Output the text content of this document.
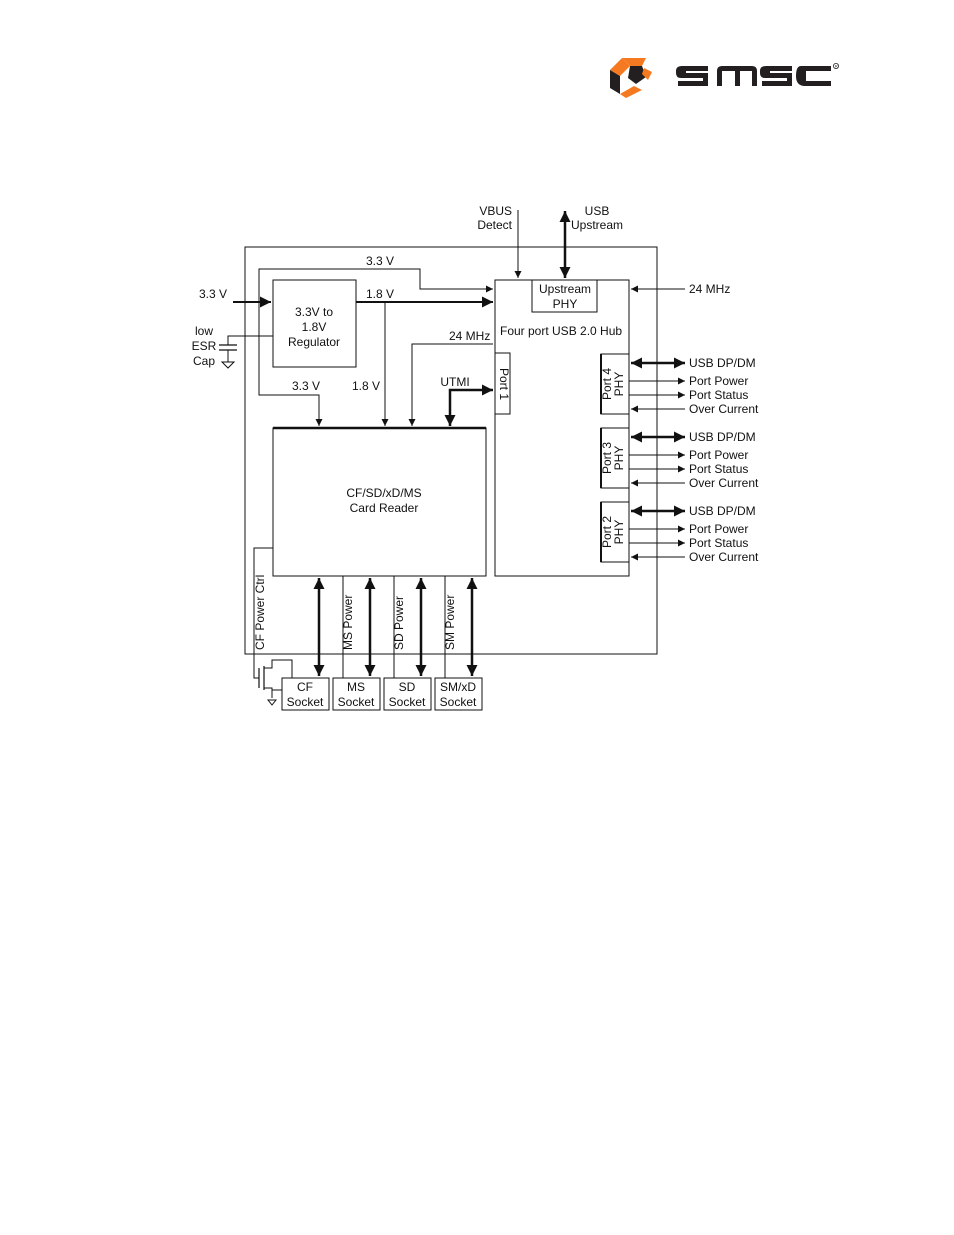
R
VBUS
Detect
USB
Upstream
3.3 V
3.3 V	1.8 V
low
ESR
Cap
3.3V to
1.8V
Regulator
Upstream
PHY
24 MHz
Four port USB 2.0 Hub
24 MHz
UTMI
3.3 V	1.8 V	Port 1	Port 4
PHY
USB DP/DM
Port Power
Port Status
Over Current
Port 3
PHY
USB DP/DM
Port Power
Port Status
Over Current
Port 2
PHY
USB DP/DM
Port Power
Port Status
Over Current
CF/SD/xD/MS
Card Reader
CF Power Ctrl	MS Power	SD Power	SM Power
CF
Socket
MS
Socket
SD
Socket
SM/xD
Socket
